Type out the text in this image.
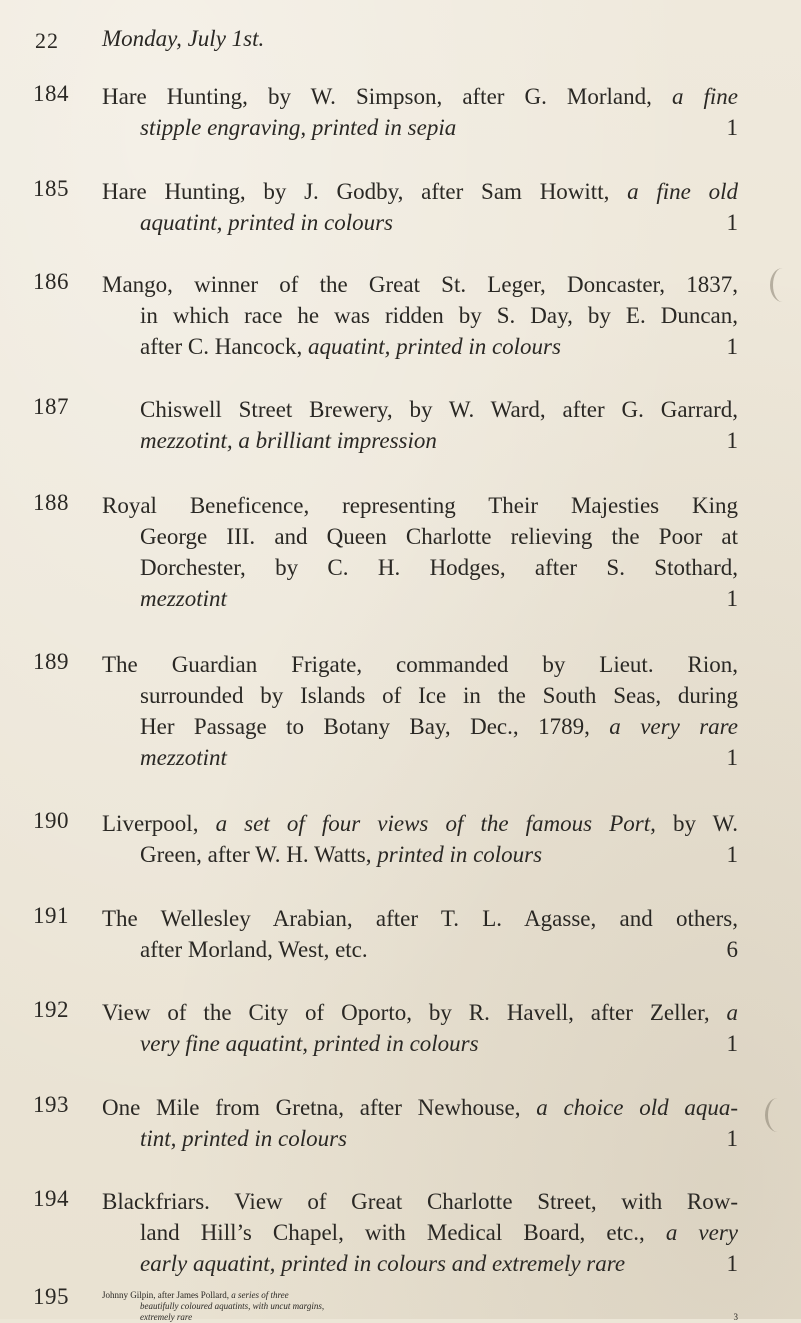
22 Monday, July 1st.
184 Hare Hunting, by W. Simpson, after G. Morland, a fine
stipple engraving, printed in sepia	1
185 Hare Hunting, by J. Godby, after Sam Howitt, a fine old
aquatint, printed in colours	1
186 Mango, winner of the Great St. Leger, Doncaster, 1837,
in which race he was ridden by S. Day, by E. Duncan,
after C. Hancock, aquatint, printed in colours	1
187	Chiswell Street Brewery, by W. Ward, after G. Garrard,
mezzotint, a brilliant impression	1
188 Royal Beneficence, representing Their Majesties King
George III. and Queen Charlotte relieving the Poor at
Dorchester, by C. H. Hodges, after S. Stothard,
mezzotint	1
189 The Guardian Frigate, commanded by Lieut. Rion,
surrounded by Islands of Ice in the South Seas, during
Her Passage to Botany Bay, Dec., 1789, a very rare
mezzotint	1
190 Liverpool, a set of four views of the famous Port, by W.
Green, after W. H. Watts, printed in colours	1
191 The Wellesley Arabian, after T. L. Agasse, and others,
after Morland, West, etc.	6
192 View of the City of Oporto, by R. Havell, after Zeller, a
very fine aquatint, printed in colours	1
193 One Mile from Gretna, after Newhouse, a choice old aqua-
tint, printed in colours	1
194 Blackfriars. View of Great Charlotte Street, with Row-
land Hill’s Chapel, with Medical Board, etc., a very
early aquatint, printed in colours and extremely rare	1
195	Johnny Gilpin, after James Pollard, a series of three
beautifully coloured aquatints, with uncut margins,
extremely rare	3
